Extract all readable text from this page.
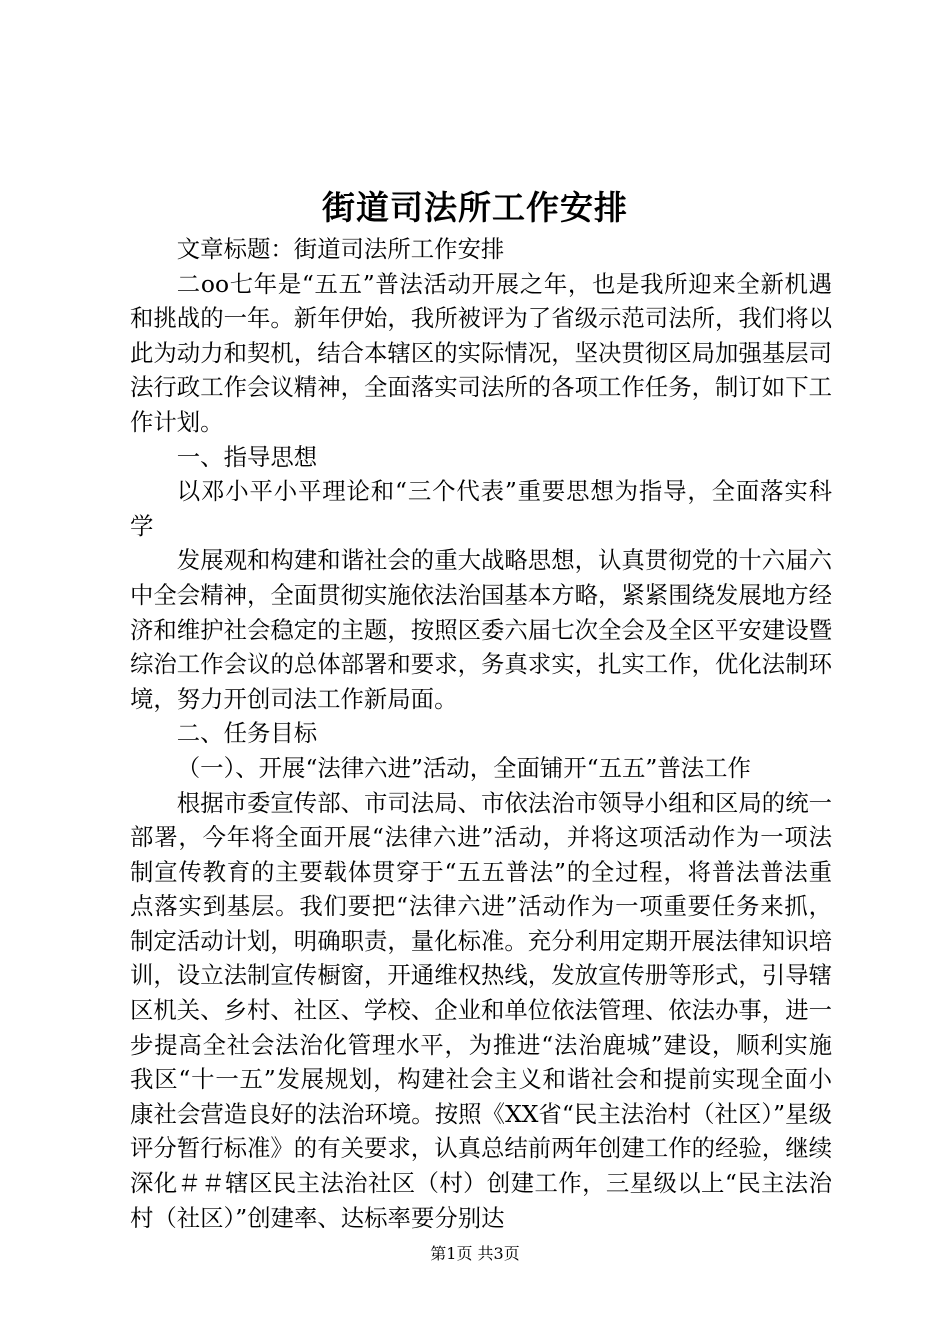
街道司法所工作安排

文章标题：街道司法所工作安排

二oo七年是“五五”普法活动开展之年，也是我所迎来全新机遇和挑战的一年。新年伊始，我所被评为了省级示范司法所，我们将以此为动力和契机，结合本辖区的实际情况，坚决贯彻区局加强基层司法行政工作会议精神，全面落实司法所的各项工作任务，制订如下工作计划。

一、指导思想

以邓小平小平理论和“三个代表”重要思想为指导，全面落实科学

发展观和构建和谐社会的重大战略思想，认真贯彻党的十六届六中全会精神，全面贯彻实施依法治国基本方略，紧紧围绕发展地方经济和维护社会稳定的主题，按照区委六届七次全会及全区平安建设暨综治工作会议的总体部署和要求，务真求实，扎实工作，优化法制环境，努力开创司法工作新局面。

二、任务目标

（一）、开展“法律六进”活动，全面铺开“五五”普法工作

根据市委宣传部、市司法局、市依法治市领导小组和区局的统一部署，今年将全面开展“法律六进”活动，并将这项活动作为一项法制宣传教育的主要载体贯穿于“五五普法”的全过程，将普法普法重点落实到基层。我们要把“法律六进”活动作为一项重要任务来抓，制定活动计划，明确职责，量化标准。充分利用定期开展法律知识培训，设立法制宣传橱窗，开通维权热线，发放宣传册等形式，引导辖区机关、乡村、社区、学校、企业和单位依法管理、依法办事，进一步提高全社会法治化管理水平，为推进“法治鹿城”建设，顺利实施我区“十一五”发展规划，构建社会主义和谐社会和提前实现全面小康社会营造良好的法治环境。按照《XX省“民主法治村（社区）”星级评分暂行标准》的有关要求，认真总结前两年创建工作的经验，继续深化＃＃辖区民主法治社区（村）创建工作，三星级以上“民主法治村（社区）”创建率、达标率要分别达

第1页 共3页
